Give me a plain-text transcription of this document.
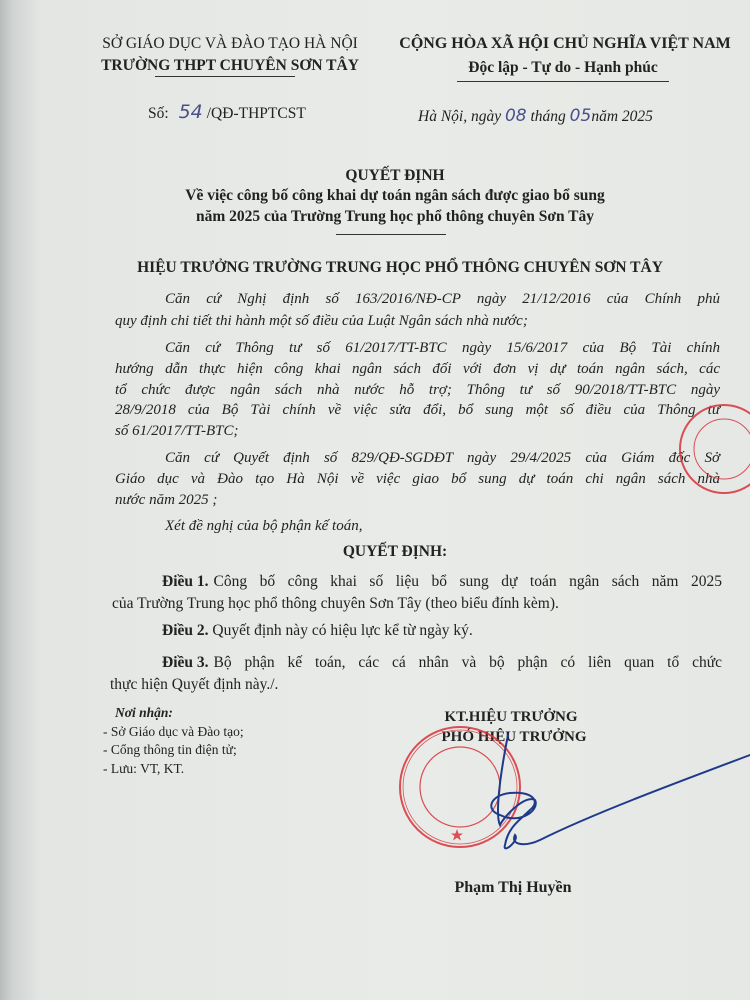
SỞ GIÁO DỤC VÀ ĐÀO TẠO HÀ NỘI
TRƯỜNG THPT CHUYÊN SƠN TÂY
CỘNG HÒA XÃ HỘI CHỦ NGHĨA VIỆT NAM
Độc lập - Tự do - Hạnh phúc
Số: 54 /QĐ-THPTCST	Hà Nội, ngày 08 tháng 05năm 2025
QUYẾT ĐỊNH
Về việc công bố công khai dự toán ngân sách được giao bổ sung
năm 2025 của Trường Trung học phổ thông chuyên Sơn Tây
HIỆU TRƯỞNG TRƯỜNG TRUNG HỌC PHỔ THÔNG CHUYÊN SƠN TÂY
Căn cứ Nghị định số 163/2016/NĐ-CP ngày 21/12/2016 của Chính phủ
quy định chi tiết thi hành một số điều của Luật Ngân sách nhà nước;
Căn cứ Thông tư số 61/2017/TT-BTC ngày 15/6/2017 của Bộ Tài chính
hướng dẫn thực hiện công khai ngân sách đối với đơn vị dự toán ngân sách, các
tổ chức được ngân sách nhà nước hỗ trợ; Thông tư số 90/2018/TT-BTC ngày
28/9/2018 của Bộ Tài chính về việc sửa đổi, bổ sung một số điều của Thông tư
số 61/2017/TT-BTC;
Căn cứ Quyết định số 829/QĐ-SGDĐT ngày 29/4/2025 của Giám đốc Sở
Giáo dục và Đào tạo Hà Nội về việc giao bổ sung dự toán chi ngân sách nhà
nước năm 2025 ;
Xét đề nghị của bộ phận kế toán,
QUYẾT ĐỊNH:
Điều 1. Công bố công khai số liệu bổ sung dự toán ngân sách năm 2025
của Trường Trung học phổ thông chuyên Sơn Tây (theo biểu đính kèm).
Điều 2. Quyết định này có hiệu lực kể từ ngày ký.
Điều 3. Bộ phận kế toán, các cá nhân và bộ phận có liên quan tổ chức
thực hiện Quyết định này./.
Nơi nhận:
- Sở Giáo dục và Đào tạo;
- Cổng thông tin điện tử;
- Lưu: VT, KT.
KT.HIỆU TRƯỞNG
PHÓ HIỆU TRƯỞNG
Phạm Thị Huyền
